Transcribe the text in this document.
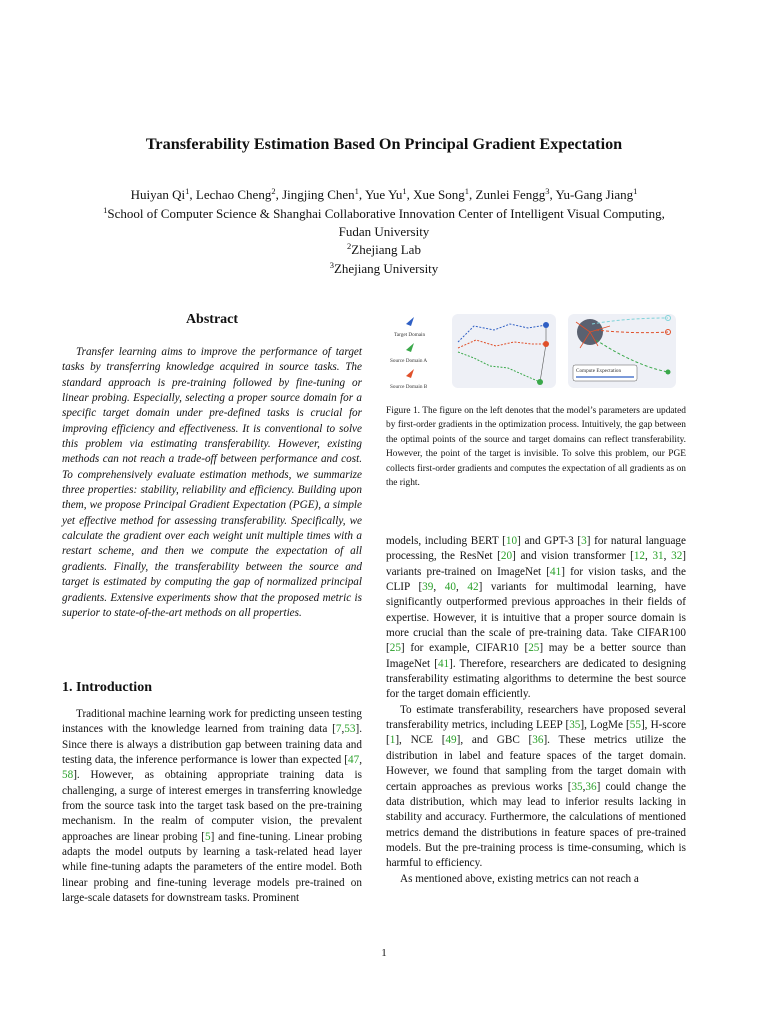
Transferability Estimation Based On Principal Gradient Expectation
Huiyan Qi$^1$, Lechao Cheng$^2$, Jingjing Chen$^1$, Yue Yu$^1$, Xue Song$^1$, Zunlei Fengg$^3$, Yu-Gang Jiang$^1$
$^1$School of Computer Science & Shanghai Collaborative Innovation Center of Intelligent Visual Computing,
Fudan University
$^2$Zhejiang Lab
$^3$Zhejiang University
Abstract

Transfer learning aims to improve the performance of target tasks by transferring knowledge acquired in source tasks. The standard approach is pre-training followed by fine-tuning or linear probing. Especially, selecting a proper source domain for a specific target domain under pre-defined tasks is crucial for improving efficiency and effectiveness. It is conventional to solve this problem via estimating transferability. However, existing methods can not reach a trade-off between performance and cost. To comprehensively evaluate estimation methods, we summarize three properties: stability, reliability and efficiency. Building upon them, we propose Principal Gradient Expectation (PGE), a simple yet effective method for assessing transferability. Specifically, we calculate the gradient over each weight unit multiple times with a restart scheme, and then we compute the expectation of all gradients. Finally, the transferability between the source and target is estimated by computing the gap of normalized principal gradients. Extensive experiments show that the proposed metric is superior to state-of-the-art methods on all properties.

1. Introduction

Traditional machine learning work for predicting unseen testing instances with the knowledge learned from training data [7,53]. Since there is always a distribution gap between training data and testing data, the inference performance is lower than expected [47, 58]. However, as obtaining appropriate training data is challenging, a surge of interest emerges in transferring knowledge from the source task into the target task based on the pre-training mechanism. In the realm of computer vision, the prevalent approaches are linear probing [5] and fine-tuning. Linear probing adapts the model outputs by learning a task-related head layer while fine-tuning adapts the parameters of the entire model. Both linear probing and fine-tuning leverage models pre-trained on large-scale datasets for downstream tasks. Prominent

Target Domain
Source Domain A
Source Domain B
Compute Expectation
Figure 1. The figure on the left denotes that the model’s parameters are updated by first-order gradients in the optimization process. Intuitively, the gap between the optimal points of the source and target domains can reflect transferability. However, the point of the target is invisible. To solve this problem, our PGE collects first-order gradients and computes the expectation of all gradients as on the right.

models, including BERT [10] and GPT-3 [3] for natural language processing, the ResNet [20] and vision transformer [12, 31, 32] variants pre-trained on ImageNet [41] for vision tasks, and the CLIP [39, 40, 42] variants for multimodal learning, have significantly outperformed previous approaches in their fields of expertise. However, it is intuitive that a proper source domain is more crucial than the scale of pre-training data. Take CIFAR100 [25] for example, CIFAR10 [25] may be a better source than ImageNet [41]. Therefore, researchers are dedicated to designing transferability estimating algorithms to determine the best source for the target domain efficiently.

To estimate transferability, researchers have proposed several transferability metrics, including LEEP [35], LogMe [55], H-score [1], NCE [49], and GBC [36]. These metrics utilize the distribution in label and feature spaces of the target domain. However, we found that sampling from the target domain with certain approaches as previous works [35,36] could change the data distribution, which may lead to inferior results lacking in stability and accuracy. Furthermore, the calculations of mentioned metrics demand the distributions in feature spaces of pre-trained models. But the pre-training process is time-consuming, which is harmful to efficiency.

As mentioned above, existing metrics can not reach a

1
